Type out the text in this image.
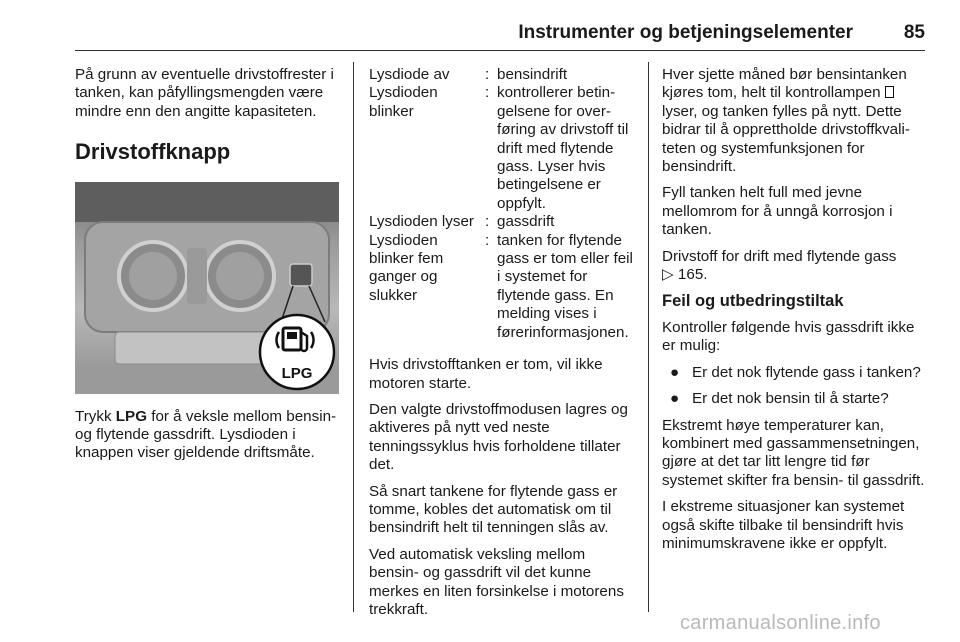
Instrumenter og betjeningselementer	85

På grunn av eventuelle drivstoffrester i tanken, kan påfyllingsmengden være mindre enn den angitte kapasiteten.

Drivstoffknapp
LPG

Trykk LPG for å veksle mellom bensin- og flytende gassdrift. Lysdioden i knappen viser gjeldende driftsmåte.

Lysdiode av	:	bensindrift
Lysdioden blinker	:	kontrollerer betingelsene for overføring av drivstoff til drift med flytende gass. Lyser hvis betingelsene er oppfylt.
Lysdioden lyser	:	gassdrift
Lysdioden blinker fem ganger og slukker	:	tanken for flytende gass er tom eller feil i systemet for flytende gass. En melding vises i førerinformasjonen.

Hvis drivstofftanken er tom, vil ikke motoren starte.

Den valgte drivstoffmodusen lagres og aktiveres på nytt ved neste tenningssyklus hvis forholdene tillater det.

Så snart tankene for flytende gass er tomme, kobles det automatisk om til bensindrift helt til tenningen slås av.

Ved automatisk veksling mellom bensin- og gassdrift vil det kunne merkes en liten forsinkelse i motorens trekkraft.

Hver sjette måned bør bensintanken kjøres tom, helt til kontrollampen  lyser, og tanken fylles på nytt. Dette bidrar til å opprettholde drivstoffkvaliteten og systemfunksjonen for bensindrift.

Fyll tanken helt full med jevne mellomrom for å unngå korrosjon i tanken.

Drivstoff for drift med flytende gass
▷ 165.

Feil og utbedringstiltak

Kontroller følgende hvis gassdrift ikke er mulig:

● Er det nok flytende gass i tanken?
● Er det nok bensin til å starte?

Ekstremt høye temperaturer kan, kombinert med gassammensetningen, gjøre at det tar litt lengre tid før systemet skifter fra bensin- til gassdrift.

I ekstreme situasjoner kan systemet også skifte tilbake til bensindrift hvis minimumskravene ikke er oppfylt.

carmanualsonline.info
